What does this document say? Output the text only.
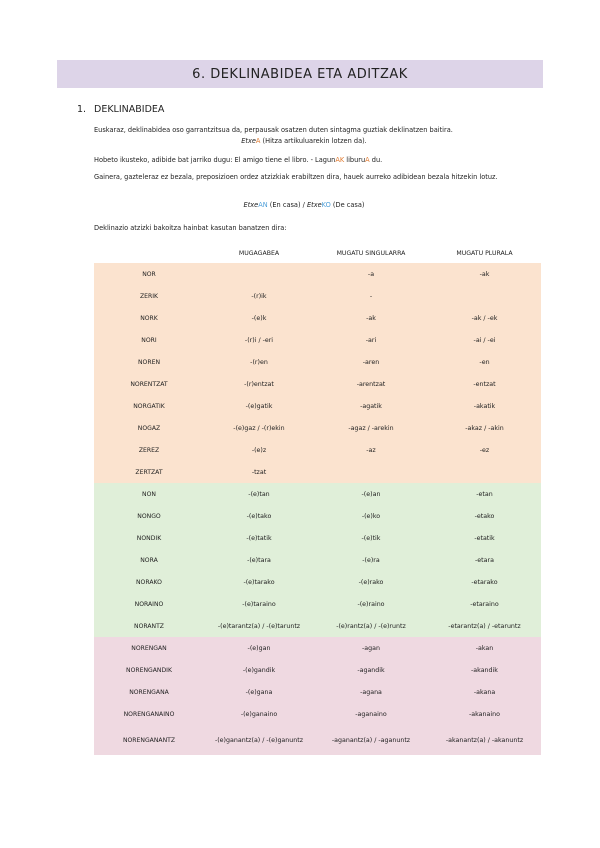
6. DEKLINABIDEA ETA ADITZAK
1. DEKLINABIDEA
Euskaraz, deklinabidea oso garrantzitsua da, perpausak osatzen duten sintagma guztiak deklinatzen baitira.
EtxeA (Hitza artikuluarekin lotzen da).
Hobeto ikusteko, adibide bat jarriko dugu: El amigo tiene el libro. - LagunAK liburuA du.
Gainera, gazteleraz ez bezala, preposizioen ordez atzizkiak erabiltzen dira, hauek aurreko adibidean bezala hitzekin lotuz.
EtxeAN (En casa) / EtxeKO (De casa)
Deklinazio atzizki bakoitza hainbat kasutan banatzen dira:
	MUGAGABEA	MUGATU SINGULARRA	MUGATU PLURALA
NOR		-a	-ak
ZERIK	-(r)ik	-	
NORK	-(e)k	-ak	-ak / -ek
NORI	-(r)i / -eri	-ari	-ai / -ei
NOREN	-(r)en	-aren	-en
NORENTZAT	-(r)entzat	-arentzat	-entzat
NORGATIK	-(e)gatik	-agatik	-akatik
NOGAZ	-(e)gaz / -(r)ekin	-agaz / -arekin	-akaz / -akin
ZEREZ	-(e)z	-az	-ez
ZERTZAT	-tzat		
NON	-(e)tan	-(e)an	-etan
NONGO	-(e)tako	-(e)ko	-etako
NONDIK	-(e)tatik	-(e)tik	-etatik
NORA	-(e)tara	-(e)ra	-etara
NORAKO	-(e)tarako	-(e)rako	-etarako
NORAINO	-(e)taraino	-(e)raino	-etaraino
NORANTZ	-(e)tarantz(a) / -(e)taruntz	-(e)rantz(a) / -(e)runtz	-etarantz(a) / -etaruntz
NORENGAN	-(e)gan	-agan	-akan
NORENGANDIK	-(e)gandik	-agandik	-akandik
NORENGANA	-(e)gana	-agana	-akana
NORENGANAINO	-(e)ganaino	-aganaino	-akanaino
NORENGANANTZ	-(e)ganantz(a) / -(e)ganuntz	-aganantz(a) / -aganuntz	-akanantz(a) / -akanuntz
